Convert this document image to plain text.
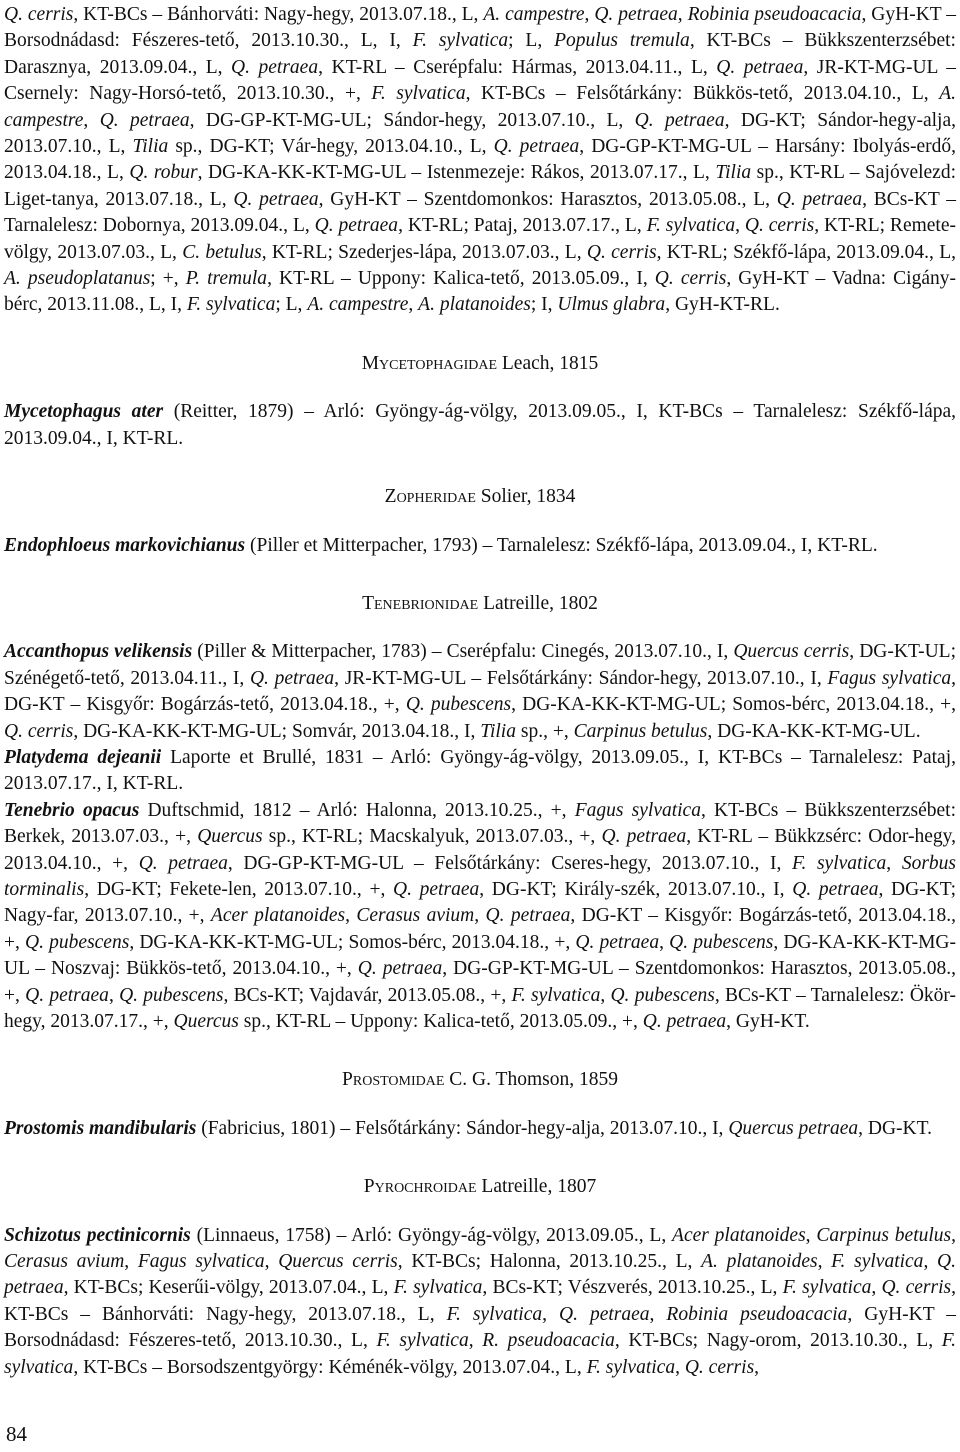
Q. cerris, KT-BCs – Bánhorváti: Nagy-hegy, 2013.07.18., L, A. campestre, Q. petraea, Robinia pseudoacacia, GyH-KT – Borsodnádasd: Fészeres-tető, 2013.10.30., L, I, F. sylvatica; L, Populus tremula, KT-BCs – Bükkszenterzsébet: Darasznya, 2013.09.04., L, Q. petraea, KT-RL – Cserépfalu: Hármas, 2013.04.11., L, Q. petraea, JR-KT-MG-UL – Csernely: Nagy-Horsó-tető, 2013.10.30., +, F. sylvatica, KT-BCs – Felsőtárkány: Bükkös-tető, 2013.04.10., L, A. campestre, Q. petraea, DG-GP-KT-MG-UL; Sándor-hegy, 2013.07.10., L, Q. petraea, DG-KT; Sándor-hegy-alja, 2013.07.10., L, Tilia sp., DG-KT; Vár-hegy, 2013.04.10., L, Q. petraea, DG-GP-KT-MG-UL – Harsány: Ibolyás-erdő, 2013.04.18., L, Q. robur, DG-KA-KK-KT-MG-UL – Istenmezeje: Rákos, 2013.07.17., L, Tilia sp., KT-RL – Sajóvelezd: Liget-tanya, 2013.07.18., L, Q. petraea, GyH-KT – Szentdomonkos: Harasztos, 2013.05.08., L, Q. petraea, BCs-KT – Tarnalelesz: Dobornya, 2013.09.04., L, Q. petraea, KT-RL; Pataj, 2013.07.17., L, F. sylvatica, Q. cerris, KT-RL; Remete-völgy, 2013.07.03., L, C. betulus, KT-RL; Szederjes-lápa, 2013.07.03., L, Q. cerris, KT-RL; Székfő-lápa, 2013.09.04., L, A. pseudoplatanus; +, P. tremula, KT-RL – Uppony: Kalica-tető, 2013.05.09., I, Q. cerris, GyH-KT – Vadna: Cigány-bérc, 2013.11.08., L, I, F. sylvatica; L, A. campestre, A. platanoides; I, Ulmus glabra, GyH-KT-RL.

Mycetophagidae Leach, 1815

Mycetophagus ater (Reitter, 1879) – Arló: Gyöngy-ág-völgy, 2013.09.05., I, KT-BCs – Tarnalelesz: Székfő-lápa, 2013.09.04., I, KT-RL.

Zopheridae Solier, 1834

Endophloeus markovichianus (Piller et Mitterpacher, 1793) – Tarnalelesz: Székfő-lápa, 2013.09.04., I, KT-RL.

Tenebrionidae Latreille, 1802

Accanthopus velikensis (Piller & Mitterpacher, 1783) – Cserépfalu: Cinegés, 2013.07.10., I, Quercus cerris, DG-KT-UL; Szénégető-tető, 2013.04.11., I, Q. petraea, JR-KT-MG-UL – Felsőtárkány: Sándor-hegy, 2013.07.10., I, Fagus sylvatica, DG-KT – Kisgyőr: Bogárzás-tető, 2013.04.18., +, Q. pubescens, DG-KA-KK-KT-MG-UL; Somos-bérc, 2013.04.18., +, Q. cerris, DG-KA-KK-KT-MG-UL; Somvár, 2013.04.18., I, Tilia sp., +, Carpinus betulus, DG-KA-KK-KT-MG-UL.

Platydema dejeanii Laporte et Brullé, 1831 – Arló: Gyöngy-ág-völgy, 2013.09.05., I, KT-BCs – Tarnalelesz: Pataj, 2013.07.17., I, KT-RL.

Tenebrio opacus Duftschmid, 1812 – Arló: Halonna, 2013.10.25., +, Fagus sylvatica, KT-BCs – Bükkszenterzsébet: Berkek, 2013.07.03., +, Quercus sp., KT-RL; Macskalyuk, 2013.07.03., +, Q. petraea, KT-RL – Bükkzsérc: Odor-hegy, 2013.04.10., +, Q. petraea, DG-GP-KT-MG-UL – Felsőtárkány: Cseres-hegy, 2013.07.10., I, F. sylvatica, Sorbus torminalis, DG-KT; Fekete-len, 2013.07.10., +, Q. petraea, DG-KT; Király-szék, 2013.07.10., I, Q. petraea, DG-KT; Nagy-far, 2013.07.10., +, Acer platanoides, Cerasus avium, Q. petraea, DG-KT – Kisgyőr: Bogárzás-tető, 2013.04.18., +, Q. pubescens, DG-KA-KK-KT-MG-UL; Somos-bérc, 2013.04.18., +, Q. petraea, Q. pubescens, DG-KA-KK-KT-MG-UL – Noszvaj: Bükkös-tető, 2013.04.10., +, Q. petraea, DG-GP-KT-MG-UL – Szentdomonkos: Harasztos, 2013.05.08., +, Q. petraea, Q. pubescens, BCs-KT; Vajdavár, 2013.05.08., +, F. sylvatica, Q. pubescens, BCs-KT – Tarnalelesz: Ökör-hegy, 2013.07.17., +, Quercus sp., KT-RL – Uppony: Kalica-tető, 2013.05.09., +, Q. petraea, GyH-KT.

Prostomidae C. G. Thomson, 1859

Prostomis mandibularis (Fabricius, 1801) – Felsőtárkány: Sándor-hegy-alja, 2013.07.10., I, Quercus petraea, DG-KT.

Pyrochroidae Latreille, 1807

Schizotus pectinicornis (Linnaeus, 1758) – Arló: Gyöngy-ág-völgy, 2013.09.05., L, Acer platanoides, Carpinus betulus, Cerasus avium, Fagus sylvatica, Quercus cerris, KT-BCs; Halonna, 2013.10.25., L, A. platanoides, F. sylvatica, Q. petraea, KT-BCs; Keserűi-völgy, 2013.07.04., L, F. sylvatica, BCs-KT; Vészverés, 2013.10.25., L, F. sylvatica, Q. cerris, KT-BCs – Bánhorváti: Nagy-hegy, 2013.07.18., L, F. sylvatica, Q. petraea, Robinia pseudoacacia, GyH-KT – Borsodnádasd: Fészeres-tető, 2013.10.30., L, F. sylvatica, R. pseudoacacia, KT-BCs; Nagy-orom, 2013.10.30., L, F. sylvatica, KT-BCs – Borsodszentgyörgy: Kéménék-völgy, 2013.07.04., L, F. sylvatica, Q. cerris,

84
